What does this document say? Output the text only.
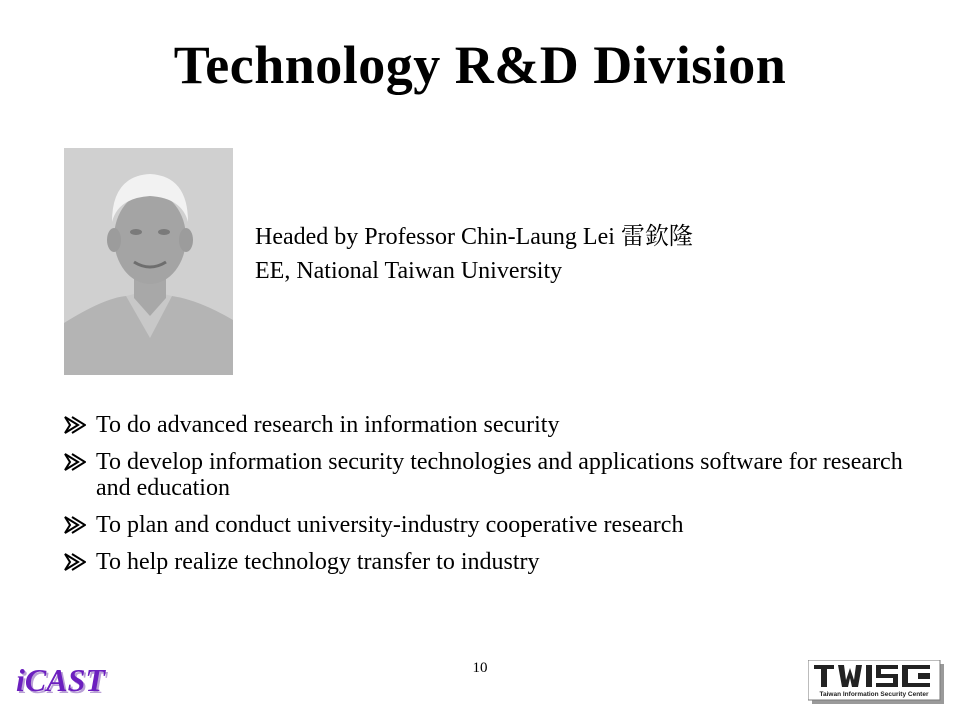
Technology R&D Division
Headed by Professor Chin-Laung Lei 雷欽隆
EE, National Taiwan University
To do advanced research in information security
To develop information security technologies and applications software for research and education
To plan and conduct university-industry cooperative research
To help realize technology transfer to industry
10
iCAST	Taiwan Information Security Center
